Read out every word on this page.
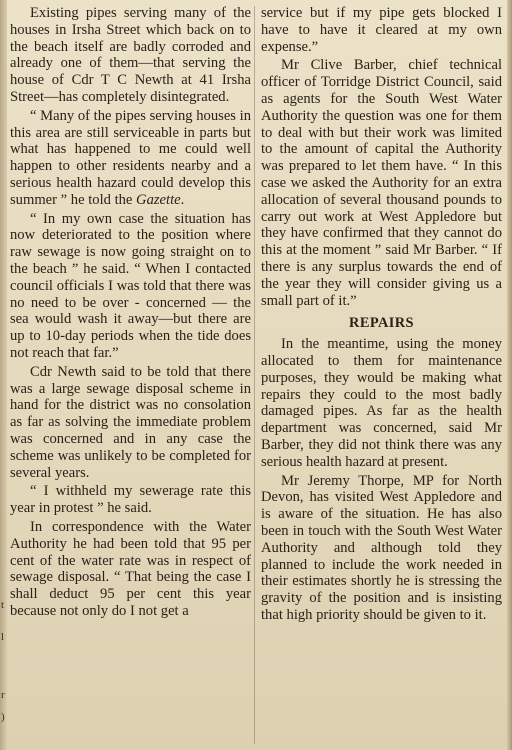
t
l
r
)

Existing pipes serving many of the houses in Irsha Street which back on to the beach itself are badly corroded and already one of them—that serving the house of Cdr T C Newth at 41 Irsha Street—has completely disintegrated.

“ Many of the pipes serving houses in this area are still serviceable in parts but what has happened to me could well happen to other residents nearby and a serious health hazard could develop this summer ” he told the Gazette.

“ In my own case the situation has now deteriorated to the position where raw sewage is now going straight on to the beach ” he said. “ When I contacted council officials I was told that there was no need to be over - concerned — the sea would wash it away—but there are up to 10-day periods when the tide does not reach that far.”

Cdr Newth said to be told that there was a large sewage disposal scheme in hand for the district was no consolation as far as solving the immediate problem was concerned and in any case the scheme was unlikely to be completed for several years.

“ I withheld my sewerage rate this year in protest ” he said.

In correspondence with the Water Authority he had been told that 95 per cent of the water rate was in respect of sewage disposal. “ That being the case I shall deduct 95 per cent this year because not only do I not get a

service but if my pipe gets blocked I have to have it cleared at my own expense.”

Mr Clive Barber, chief technical officer of Torridge District Council, said as agents for the South West Water Authority the question was one for them to deal with but their work was limited to the amount of capital the Authority was prepared to let them have. “ In this case we asked the Authority for an extra allocation of several thousand pounds to carry out work at West Appledore but they have confirmed that they cannot do this at the moment ” said Mr Barber. “ If there is any surplus towards the end of the year they will consider giving us a small part of it.”

REPAIRS

In the meantime, using the money allocated to them for maintenance purposes, they would be making what repairs they could to the most badly damaged pipes. As far as the health department was concerned, said Mr Barber, they did not think there was any serious health hazard at present.

Mr Jeremy Thorpe, MP for North Devon, has visited West Appledore and is aware of the situation. He has also been in touch with the South West Water Authority and although told they planned to include the work needed in their estimates shortly he is stressing the gravity of the position and is insisting that high priority should be given to it.
